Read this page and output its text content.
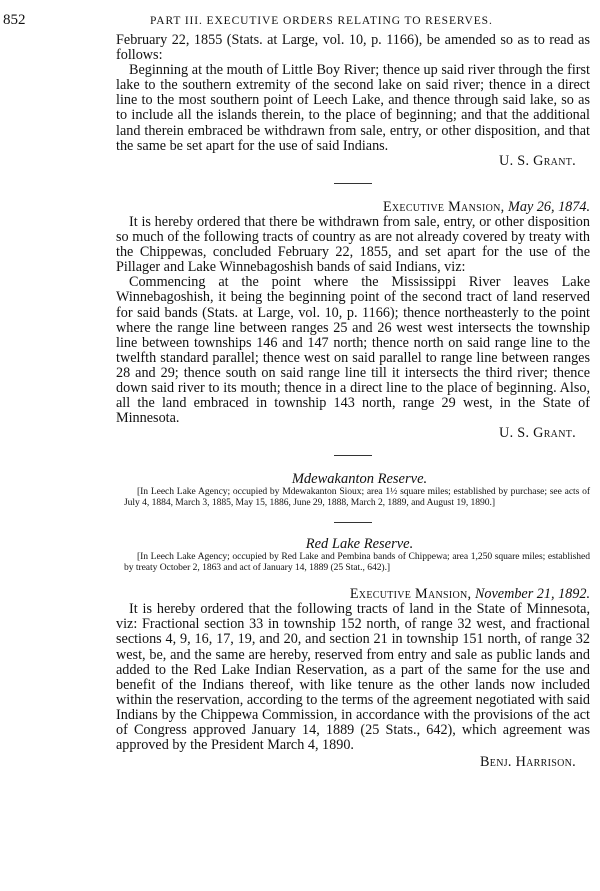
852	PART III. EXECUTIVE ORDERS RELATING TO RESERVES.

February 22, 1855 (Stats. at Large, vol. 10, p. 1166), be amended so as to read as follows:

Beginning at the mouth of Little Boy River; thence up said river through the first lake to the southern extremity of the second lake on said river; thence in a direct line to the most southern point of Leech Lake, and thence through said lake, so as to include all the islands therein, to the place of beginning; and that the additional land therein embraced be withdrawn from sale, entry, or other disposition, and that the same be set apart for the use of said Indians.

U. S. Grant.

Executive Mansion, May 26, 1874.

It is hereby ordered that there be withdrawn from sale, entry, or other disposition so much of the following tracts of country as are not already covered by treaty with the Chippewas, concluded February 22, 1855, and set apart for the use of the Pillager and Lake Winnebagoshish bands of said Indians, viz:

Commencing at the point where the Mississippi River leaves Lake Winnebagoshish, it being the beginning point of the second tract of land reserved for said bands (Stats. at Large, vol. 10, p. 1166); thence northeasterly to the point where the range line between ranges 25 and 26 west west intersects the township line between townships 146 and 147 north; thence north on said range line to the twelfth standard parallel; thence west on said parallel to range line between ranges 28 and 29; thence south on said range line till it intersects the third river; thence down said river to its mouth; thence in a direct line to the place of beginning. Also, all the land embraced in township 143 north, range 29 west, in the State of Minnesota.

U. S. Grant.

Mdewakanton Reserve.

[In Leech Lake Agency; occupied by Mdewakanton Sioux; area 1½ square miles; established by purchase; see acts of July 4, 1884, March 3, 1885, May 15, 1886, June 29, 1888, March 2, 1889, and August 19, 1890.]

Red Lake Reserve.

[In Leech Lake Agency; occupied by Red Lake and Pembina bands of Chippewa; area 1,250 square miles; established by treaty October 2, 1863 and act of January 14, 1889 (25 Stat., 642).]

Executive Mansion, November 21, 1892.

It is hereby ordered that the following tracts of land in the State of Minnesota, viz: Fractional section 33 in township 152 north, of range 32 west, and fractional sections 4, 9, 16, 17, 19, and 20, and section 21 in township 151 north, of range 32 west, be, and the same are hereby, reserved from entry and sale as public lands and added to the Red Lake Indian Reservation, as a part of the same for the use and benefit of the Indians thereof, with like tenure as the other lands now included within the reservation, according to the terms of the agreement negotiated with said Indians by the Chippewa Commission, in accordance with the provisions of the act of Congress approved January 14, 1889 (25 Stats., 642), which agreement was approved by the President March 4, 1890.

Benj. Harrison.
